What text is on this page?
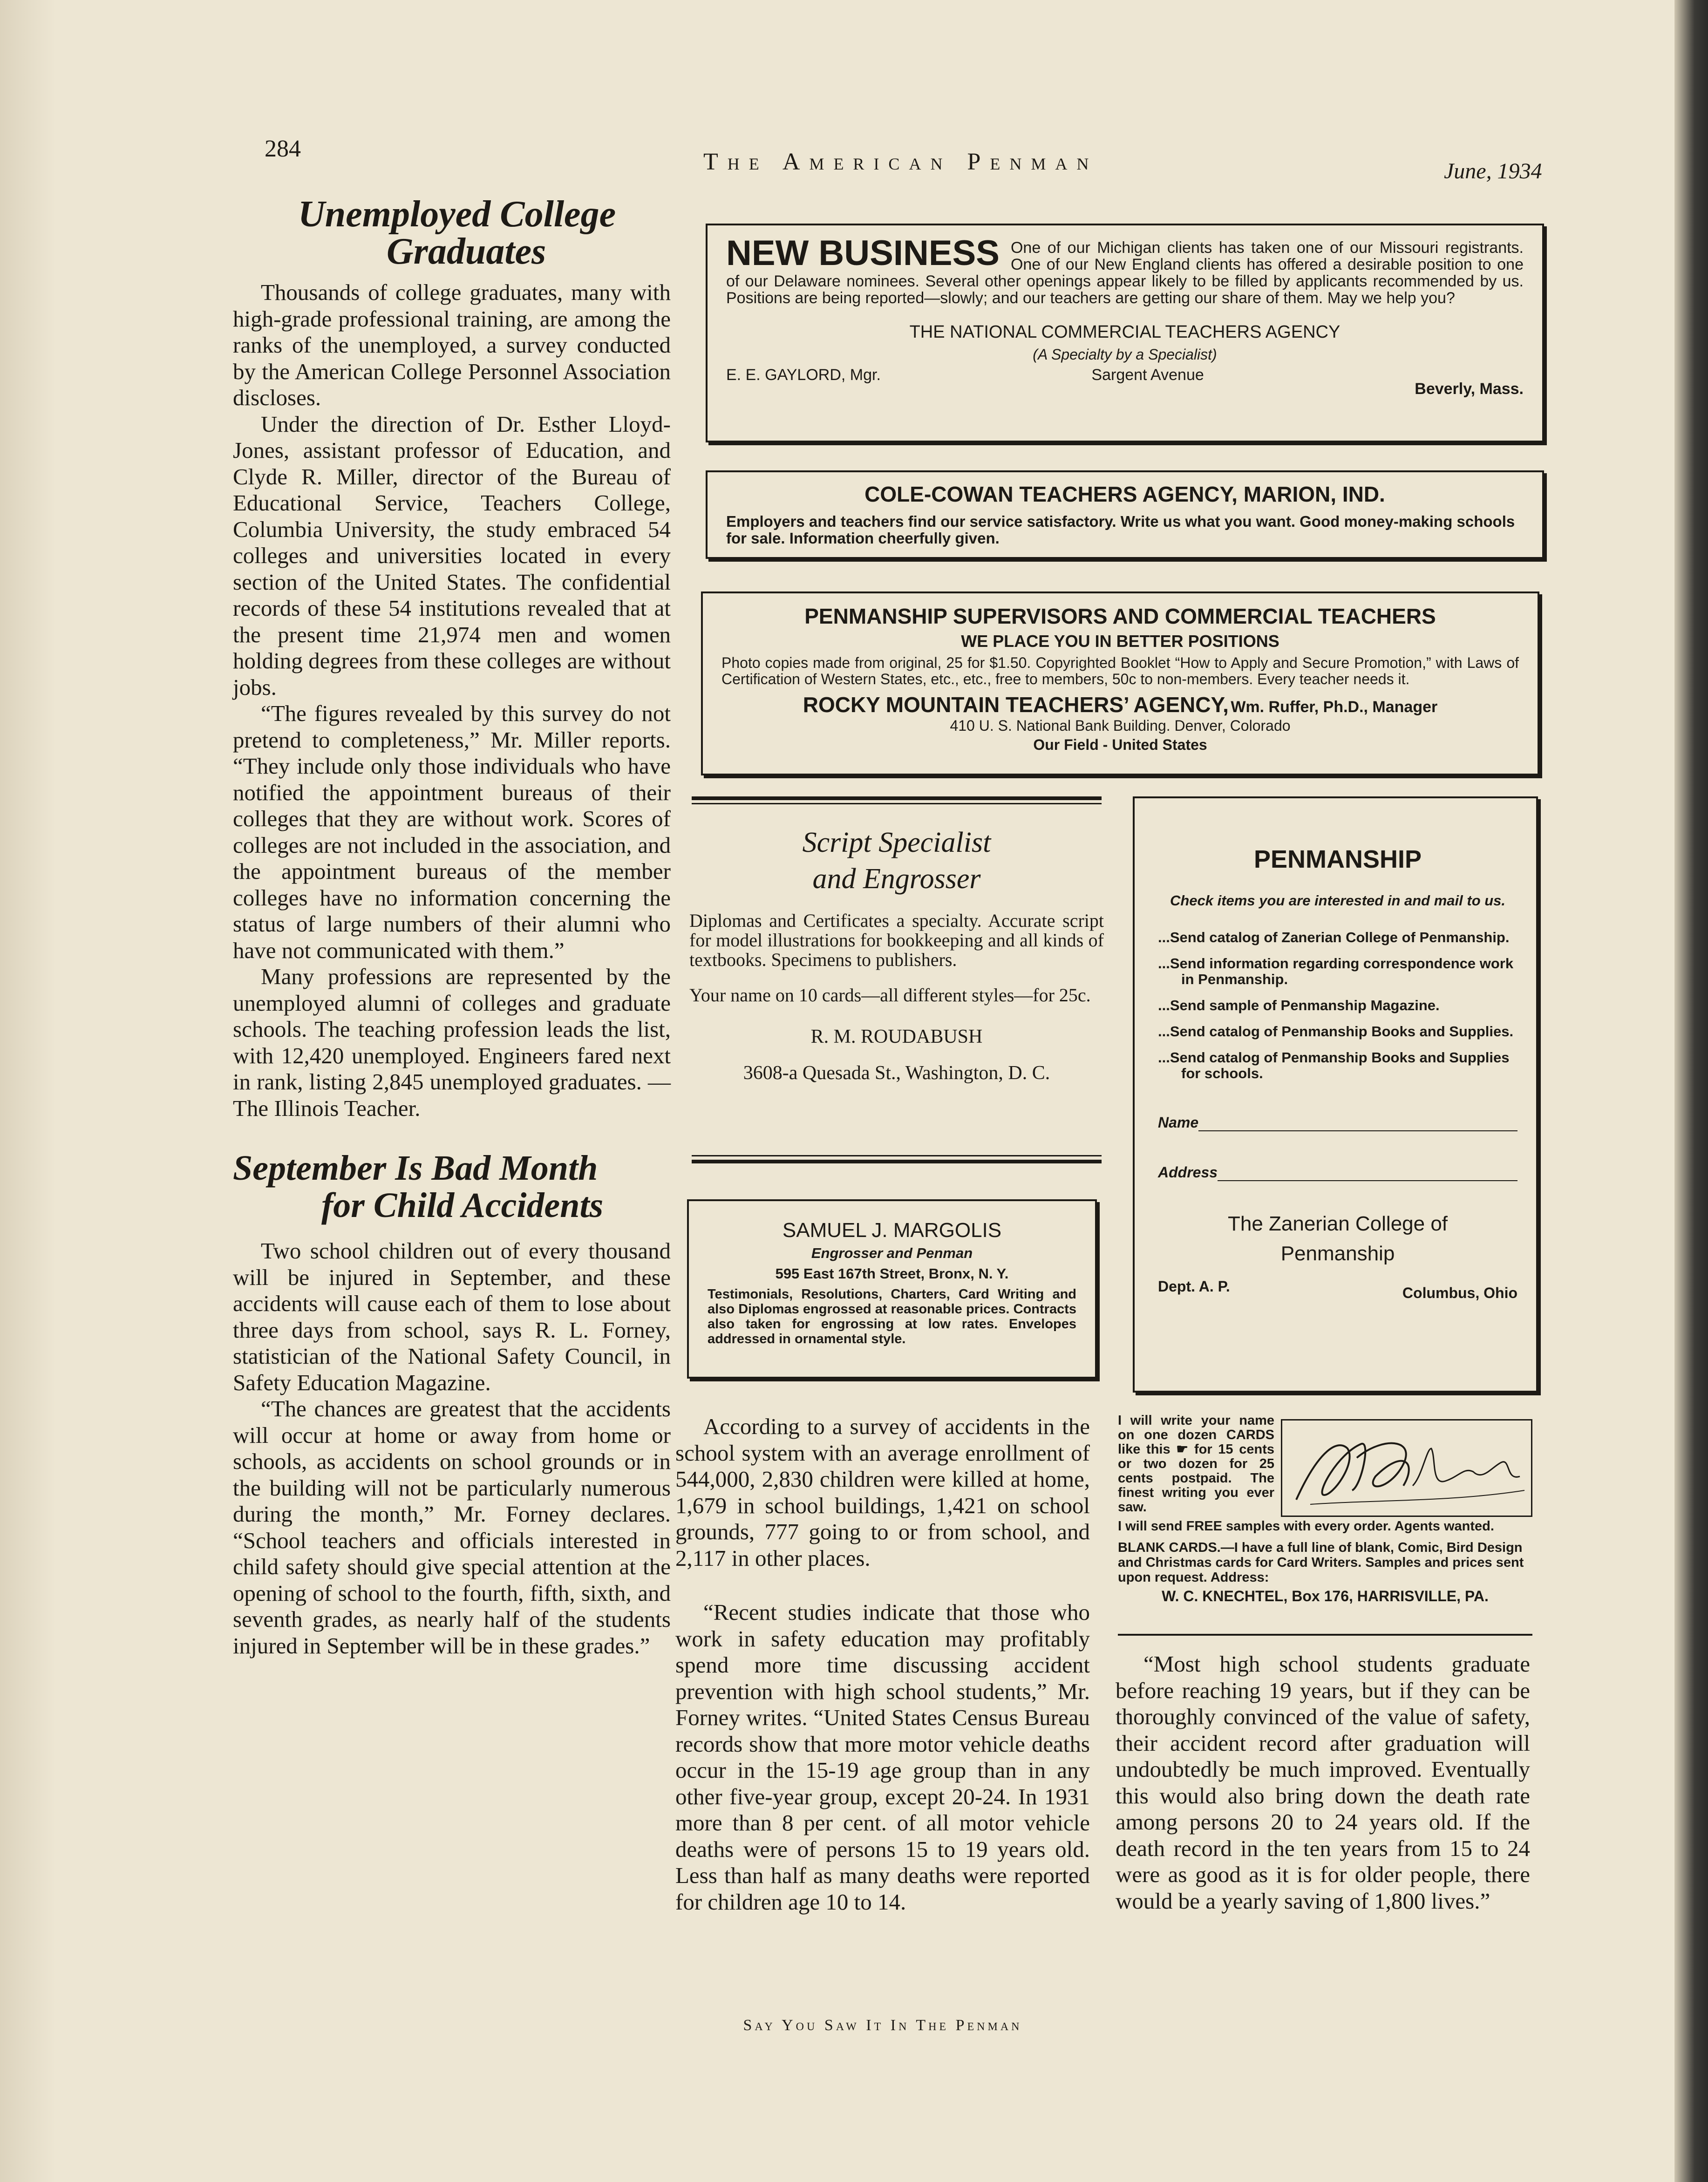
284	The American Penman	June, 1934
Unemployed College
Graduates

Thousands of college graduates, many with high-grade professional training, are among the ranks of the unemployed, a survey conducted by the American College Personnel Association discloses.

Under the direction of Dr. Esther Lloyd-Jones, assistant professor of Education, and Clyde R. Miller, director of the Bureau of Educational Service, Teachers College, Columbia University, the study embraced 54 colleges and universities located in every section of the United States. The confidential records of these 54 institutions revealed that at the present time 21,974 men and women holding degrees from these colleges are without jobs.

“The figures revealed by this survey do not pretend to completeness,” Mr. Miller reports. “They include only those individuals who have notified the appointment bureaus of their colleges that they are without work. Scores of colleges are not included in the association, and the appointment bureaus of the member colleges have no information concerning the status of large numbers of their alumni who have not communicated with them.”

Many professions are represented by the unemployed alumni of colleges and graduate schools. The teaching profession leads the list, with 12,420 unemployed. Engineers fared next in rank, listing 2,845 unemployed graduates. — The Illinois Teacher.

September Is Bad Month
for Child Accidents

Two school children out of every thousand will be injured in September, and these accidents will cause each of them to lose about three days from school, says R. L. Forney, statistician of the National Safety Council, in Safety Education Magazine.

“The chances are greatest that the accidents will occur at home or away from home or schools, as accidents on school grounds or in the building will not be particularly numerous during the month,” Mr. Forney declares. “School teachers and officials interested in child safety should give special attention at the opening of school to the fourth, fifth, sixth, and seventh grades, as nearly half of the students injured in September will be in these grades.”

NEW BUSINESS One of our Michigan clients has taken one of our Missouri registrants. One of our New England clients has offered a desirable position to one of our Delaware nominees. Several other openings appear likely to be filled by applicants recommended by us. Positions are being reported—slowly; and our teachers are getting our share of them. May we help you?
THE NATIONAL COMMERCIAL TEACHERS AGENCY
(A Specialty by a Specialist)
E. E. GAYLORD, Mgr.	Sargent Avenue
Beverly, Mass.
COLE-COWAN TEACHERS AGENCY, MARION, IND.
Employers and teachers find our service satisfactory. Write us what you want. Good money-making schools for sale. Information cheerfully given.
PENMANSHIP SUPERVISORS AND COMMERCIAL TEACHERS
WE PLACE YOU IN BETTER POSITIONS
Photo copies made from original, 25 for $1.50. Copyrighted Booklet “How to Apply and Secure Promotion,” with Laws of Certification of Western States, etc., etc., free to members, 50c to non-members. Every teacher needs it.
ROCKY MOUNTAIN TEACHERS’ AGENCY, Wm. Ruffer, Ph.D., Manager
410 U. S. National Bank Building. Denver, Colorado
Our Field - United States
Script Specialist
and Engrosser
Diplomas and Certificates a specialty. Accurate script for model illustrations for bookkeeping and all kinds of textbooks. Specimens to publishers.
Your name on 10 cards—all different styles—for 25c.
R. M. ROUDABUSH
3608-a Quesada St., Washington, D. C.
SAMUEL J. MARGOLIS
Engrosser and Penman
595 East 167th Street, Bronx, N. Y.
Testimonials, Resolutions, Charters, Card Writing and also Diplomas engrossed at reasonable prices. Contracts also taken for engrossing at low rates. Envelopes addressed in ornamental style.
PENMANSHIP
Check items you are interested in and mail to us.

...Send catalog of Zanerian College of Penmanship.

...Send information regarding correspondence work in Penmanship.

...Send sample of Penmanship Magazine.

...Send catalog of Penmanship Books and Supplies.

...Send catalog of Penmanship Books and Supplies for schools.

Name
Address
The Zanerian College of
Penmanship
Dept. A. P.	Columbus, Ohio
I will write your name on one dozen CARDS like this ☛ for 15 cents or two dozen for 25 cents postpaid. The finest writing you ever saw.
I will send FREE samples with every order. Agents wanted.
BLANK CARDS.—I have a full line of blank, Comic, Bird Design and Christmas cards for Card Writers. Samples and prices sent upon request. Address:
W. C. KNECHTEL, Box 176, HARRISVILLE, PA.

According to a survey of accidents in the school system with an average enrollment of 544,000, 2,830 children were killed at home, 1,679 in school buildings, 1,421 on school grounds, 777 going to or from school, and 2,117 in other places.

“Recent studies indicate that those who work in safety education may profitably spend more time discussing accident prevention with high school students,” Mr. Forney writes. “United States Census Bureau records show that more motor vehicle deaths occur in the 15-19 age group than in any other five-year group, except 20-24. In 1931 more than 8 per cent. of all motor vehicle deaths were of persons 15 to 19 years old. Less than half as many deaths were reported for children age 10 to 14.

“Most high school students graduate before reaching 19 years, but if they can be thoroughly convinced of the value of safety, their accident record after graduation will undoubtedly be much improved. Eventually this would also bring down the death rate among persons 20 to 24 years old. If the death record in the ten years from 15 to 24 were as good as it is for older people, there would be a yearly saving of 1,800 lives.”

Say You Saw It In The Penman
